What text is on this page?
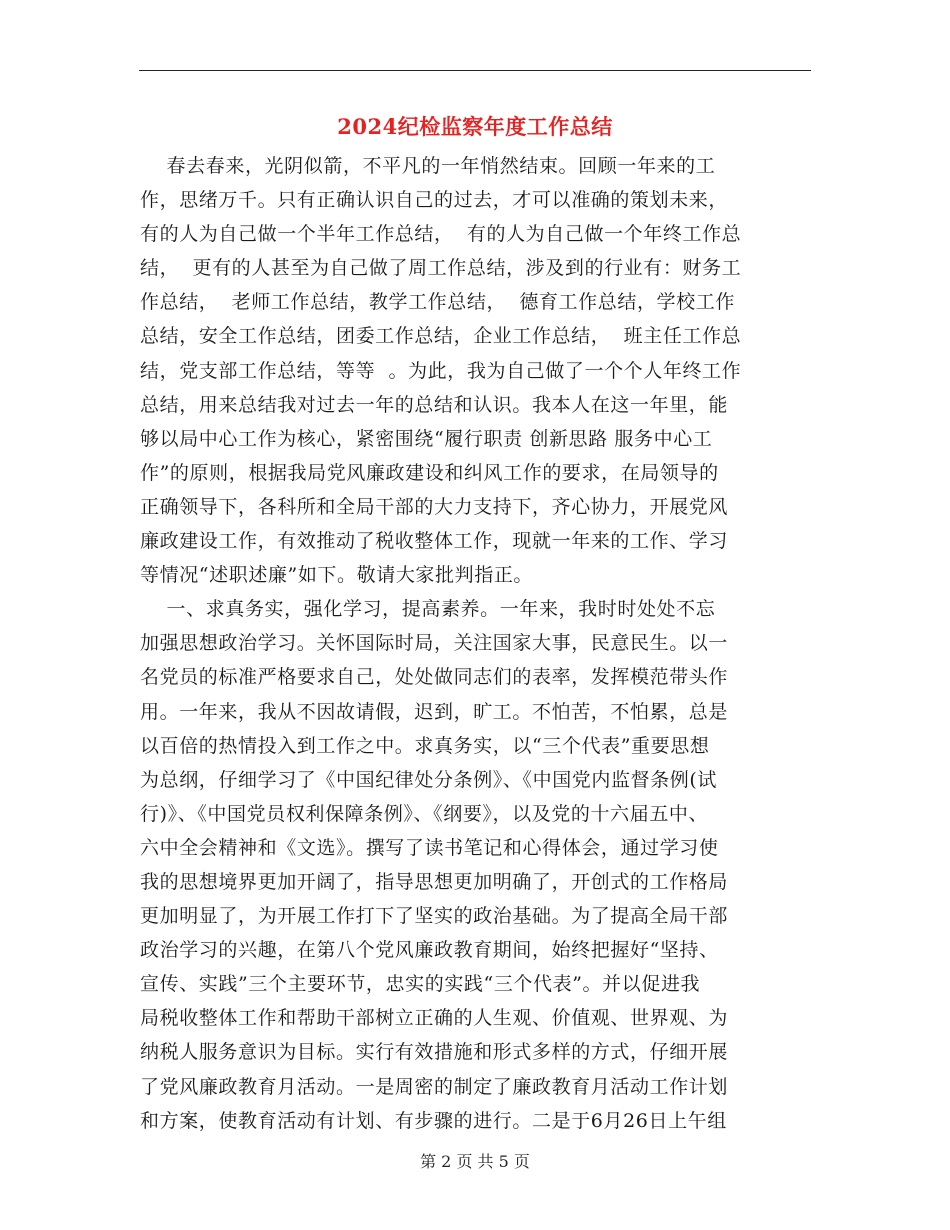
2024纪检监察年度工作总结
春去春来，光阴似箭，不平凡的一年悄然结束。回顾一年来的工
作，思绪万千。只有正确认识自己的过去，才可以准确的策划未来，
有的人为自己做一个半年工作总结，  有的人为自己做一个年终工作总
结，  更有的人甚至为自己做了周工作总结，涉及到的行业有：财务工
作总结，  老师工作总结，教学工作总结，  德育工作总结，学校工作
总结，安全工作总结，团委工作总结，企业工作总结，  班主任工作总
结，党支部工作总结，等等  。为此，我为自己做了一个个人年终工作
总结，用来总结我对过去一年的总结和认识。我本人在这一年里，能
够以局中心工作为核心，紧密围绕“履行职责 创新思路 服务中心工
作”的原则，根据我局党风廉政建设和纠风工作的要求，在局领导的
正确领导下，各科所和全局干部的大力支持下，齐心协力，开展党风
廉政建设工作，有效推动了税收整体工作，现就一年来的工作、学习
等情况“述职述廉”如下。敬请大家批判指正。
一、求真务实，强化学习，提高素养。一年来，我时时处处不忘
加强思想政治学习。关怀国际时局，关注国家大事，民意民生。以一
名党员的标准严格要求自己，处处做同志们的表率，发挥模范带头作
用。一年来，我从不因故请假，迟到，旷工。不怕苦，不怕累，总是
以百倍的热情投入到工作之中。求真务实，以“三个代表”重要思想
为总纲，仔细学习了《中国纪律处分条例》、《中国党内监督条例(试
行)》、《中国党员权利保障条例》、《纲要》，以及党的十六届五中、
六中全会精神和《文选》。撰写了读书笔记和心得体会，通过学习使
我的思想境界更加开阔了，指导思想更加明确了，开创式的工作格局
更加明显了，为开展工作打下了坚实的政治基础。为了提高全局干部
政治学习的兴趣，在第八个党风廉政教育期间，始终把握好“坚持、
宣传、实践”三个主要环节，忠实的实践“三个代表”。并以促进我
局税收整体工作和帮助干部树立正确的人生观、价值观、世界观、为
纳税人服务意识为目标。实行有效措施和形式多样的方式，仔细开展
了党风廉政教育月活动。一是周密的制定了廉政教育月活动工作计划
和方案，使教育活动有计划、有步骤的进行。二是于6月26日上午组
第 2 页 共 5 页
